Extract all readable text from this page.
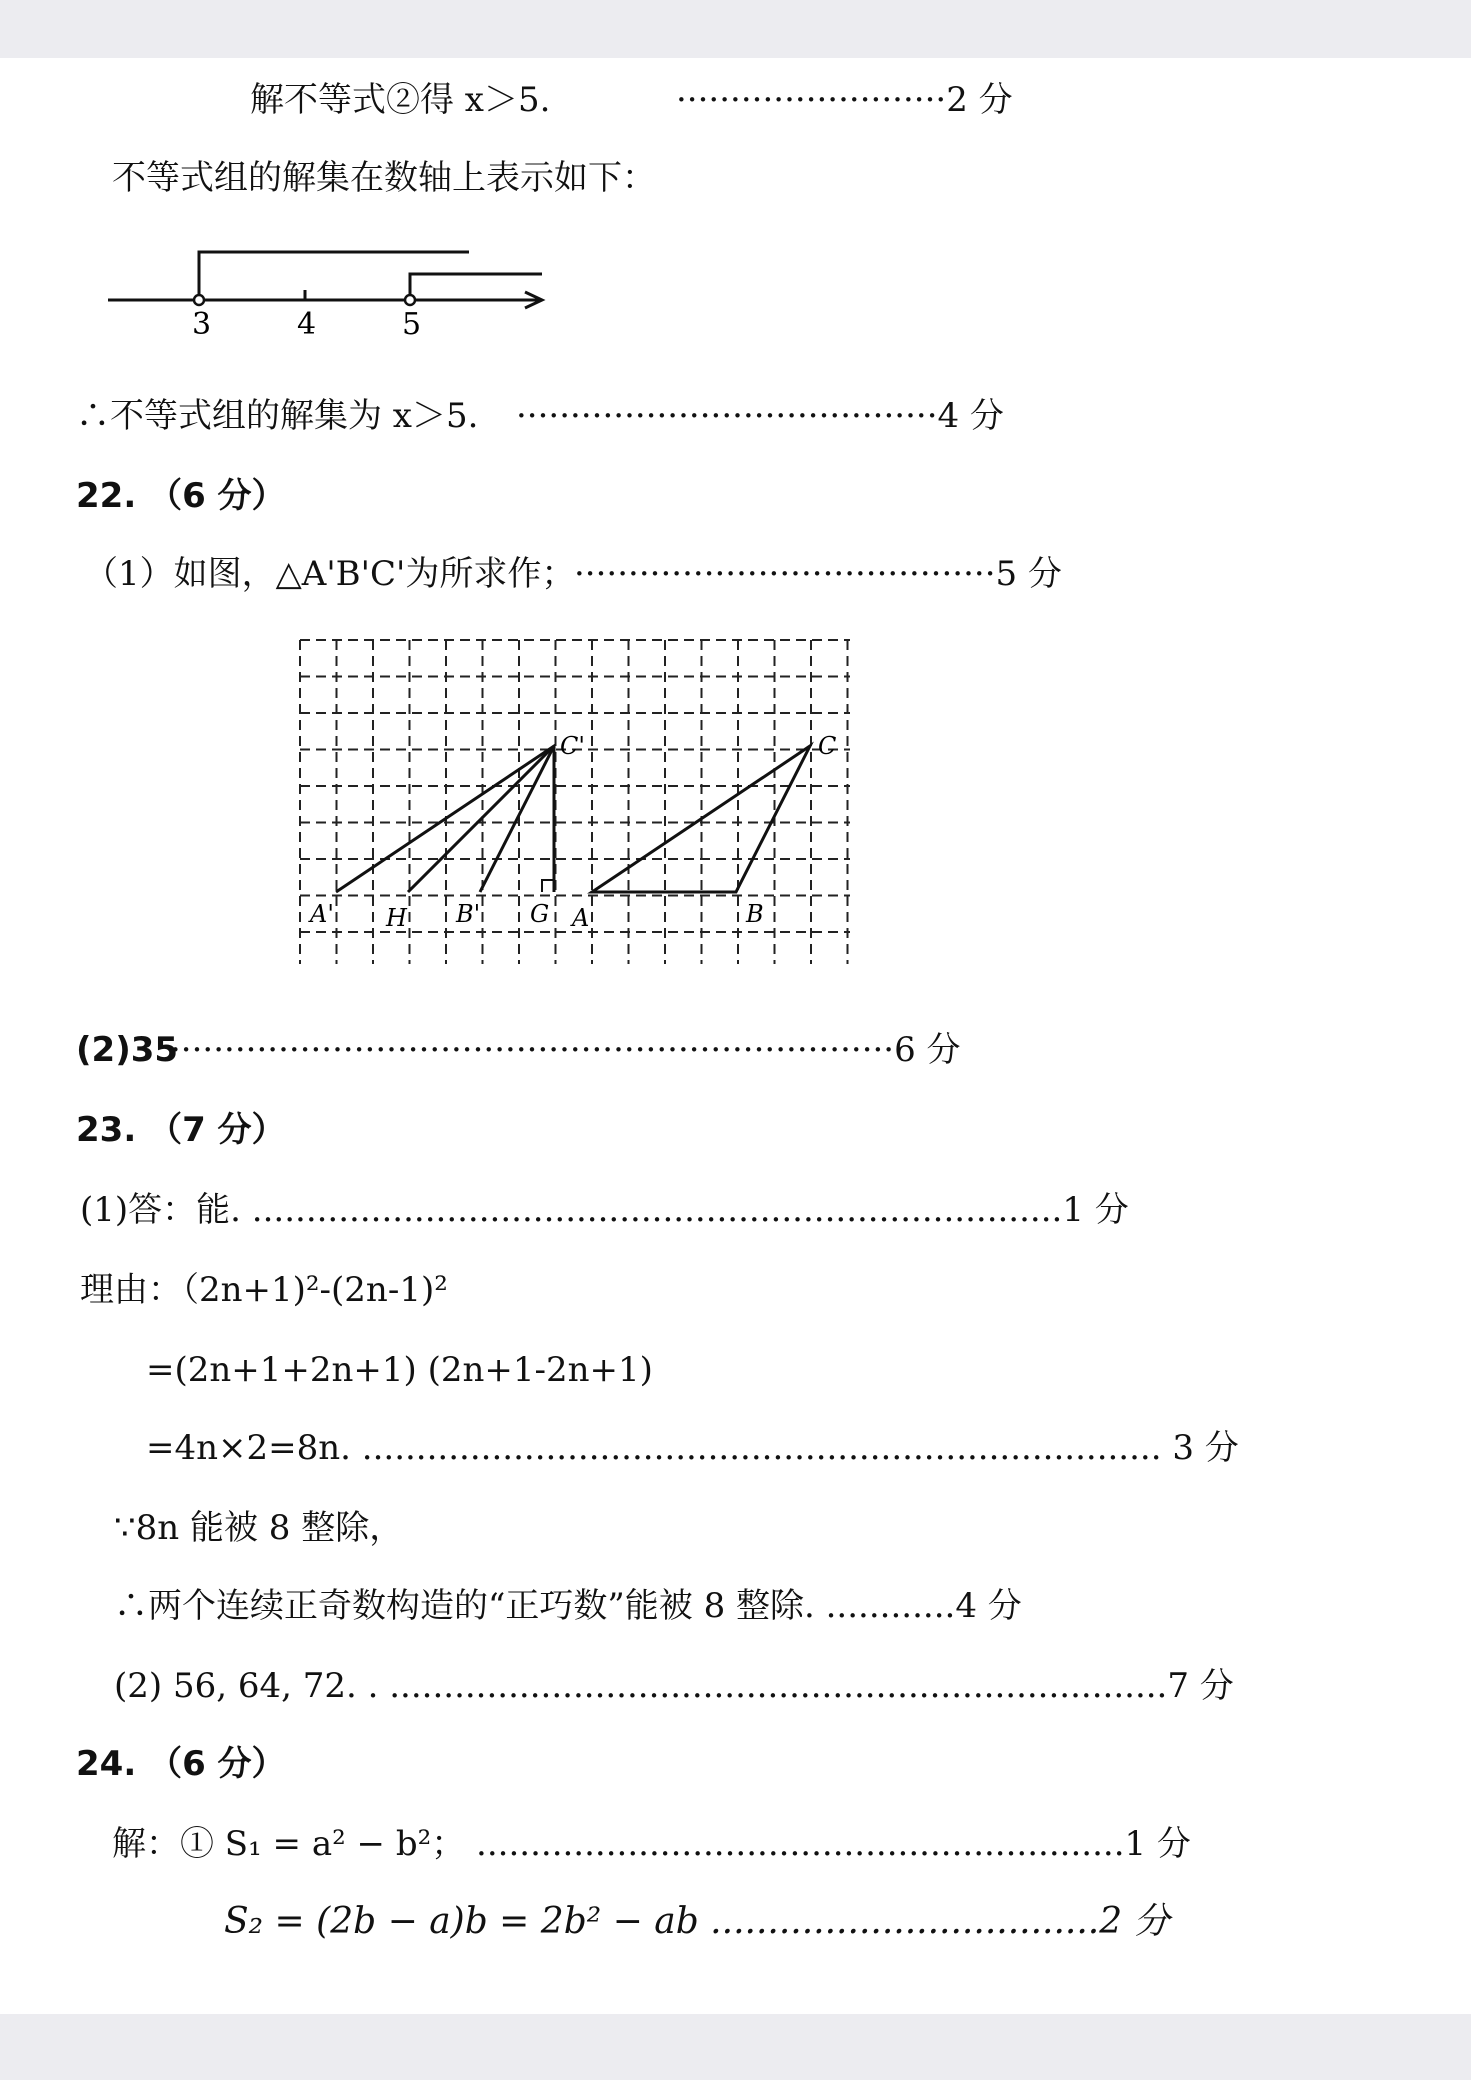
解不等式②得 x＞5.	·························2 分
不等式组的解集在数轴上表示如下：
3	4	5
∴不等式组的解集为 x＞5. ·······································4 分
22. （6 分）
（1）如图，△A'B'C'为所求作；
·······································5 分
C'
A' H B' G
C
A	B
(2)35
···································································6 分
23. （7 分）
(1)答：能. ...........................................................................1 分
理由：（2n+1)²-(2n-1)²
=(2n+1+2n+1) (2n+1-2n+1)
=4n×2=8n. .......................................................................... 3 分
∵8n 能被 8 整除，
∴两个连续正奇数构造的“正巧数”能被 8 整除. ............4 分
(2) 56, 64, 72. . ........................................................................7 分
24. （6 分）
解：① S₁ = a² − b²； ............................................................1 分
S₂ = (2b − a)b = 2b² − ab ..................................2 分
